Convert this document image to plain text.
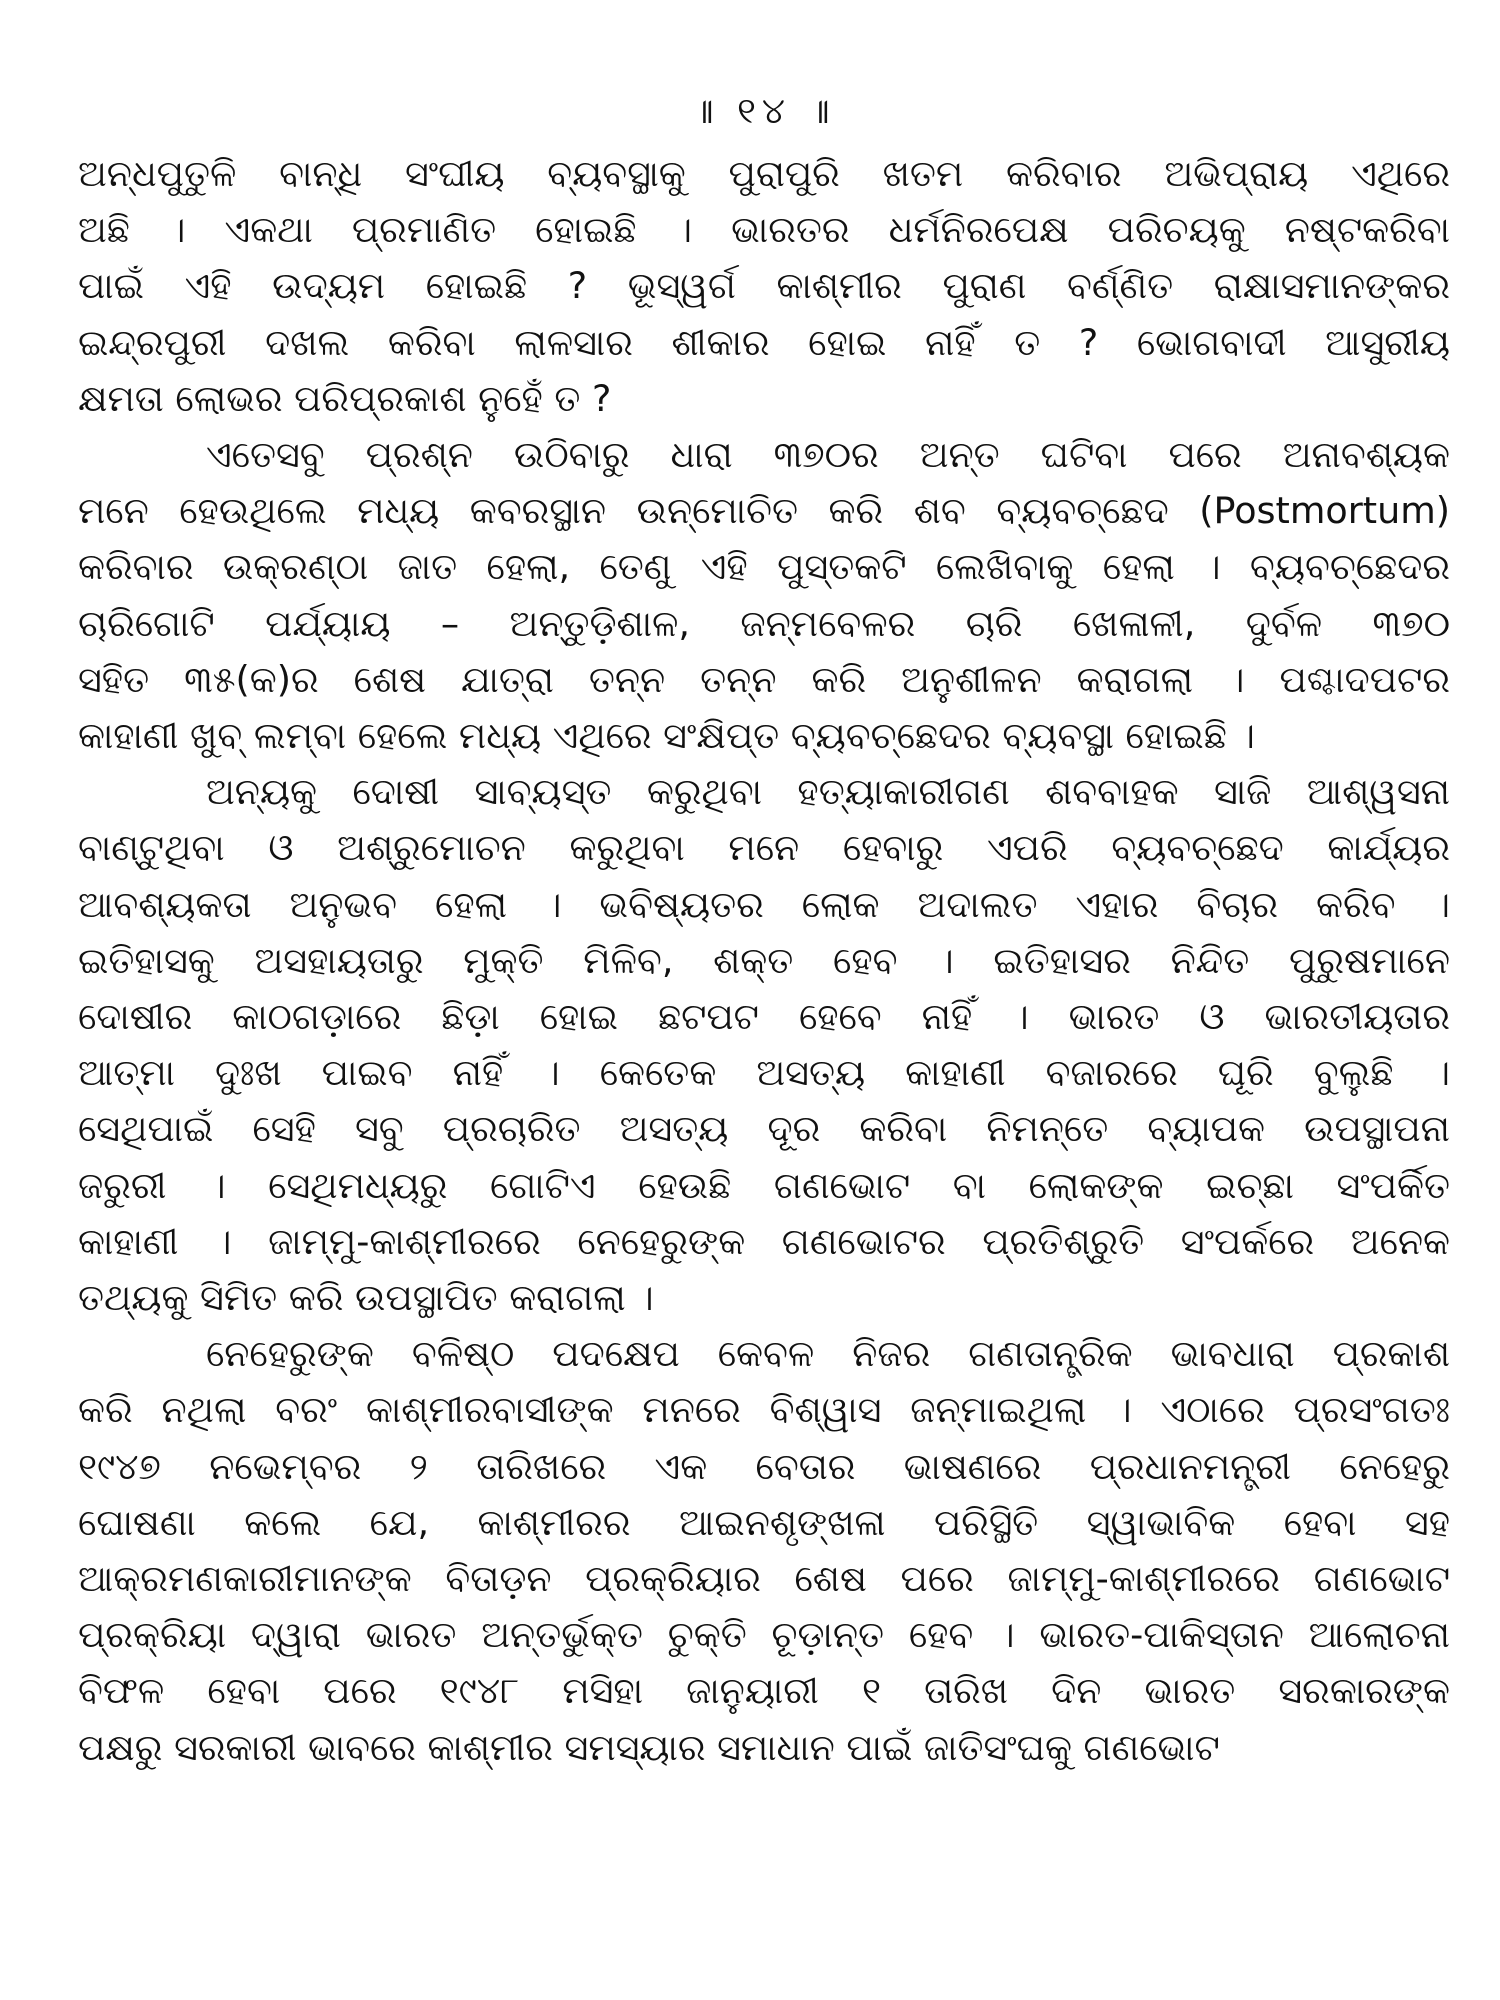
॥ ୧୪ ॥
ଅନ୍ଧପୁତୁଳି ବାନ୍ଧି ସଂଘୀୟ ବ୍ୟବସ୍ଥାକୁ ପୁରାପୁରି ଖତମ କରିବାର ଅଭିପ୍ରାୟ ଏଥିରେ
ଅଛି । ଏକଥା ପ୍ରମାଣିତ ହୋଇଛି । ଭାରତର ଧର୍ମନିରପେକ୍ଷ ପରିଚୟକୁ ନଷ୍ଟକରିବା
ପାଇଁ ଏହି ଉଦ୍ୟମ ହୋଇଛି ? ଭୂସ୍ୱର୍ଗ କାଶ୍ମୀର ପୁରାଣ ବର୍ଣ୍ଣିତ ରାକ୍ଷାସମାନଙ୍କର
ଇନ୍ଦ୍ରପୁରୀ ଦଖଲ କରିବା ଲାଳସାର ଶୀକାର ହୋଇ ନାହିଁ ତ ? ଭୋଗବାଦୀ ଆସୁରୀୟ
କ୍ଷମତା ଲୋଭର ପରିପ୍ରକାଶ ନୁହେଁ ତ ?
ଏତେସବୁ ପ୍ରଶ୍ନ ଉଠିବାରୁ ଧାରା ୩୭୦ର ଅନ୍ତ ଘଟିବା ପରେ ଅନାବଶ୍ୟକ
ମନେ ହେଉଥିଲେ ମଧ୍ୟ କବରସ୍ଥାନ ଉନ୍ମୋଚିତ କରି ଶବ ବ୍ୟବଚ୍ଛେଦ (Postmortum)
କରିବାର ଉକ୍ରଣ୍ଠା ଜାତ ହେଲା, ତେଣୁ ଏହି ପୁସ୍ତକଟି ଲେଖିବାକୁ ହେଲା । ବ୍ୟବଚ୍ଛେଦର
ଚାରିଗୋଟି ପର୍ଯ୍ୟାୟ – ଅନ୍ତୁଡ଼ିଶାଳ, ଜନ୍ମବେଳର ଚାରି ଖେଳାଳୀ, ଦୁର୍ବଳ ୩୭୦
ସହିତ ୩୫(କ)ର ଶେଷ ଯାତ୍ରା ତନ୍ନ ତନ୍ନ କରି ଅନୁଶୀଳନ କରାଗଲା । ପଶ୍ଚାଦପଟର
କାହାଣୀ ଖୁବ୍ ଲମ୍ବା ହେଲେ ମଧ୍ୟ ଏଥିରେ ସଂକ୍ଷିପ୍ତ ବ୍ୟବଚ୍ଛେଦର ବ୍ୟବସ୍ଥା ହୋଇଛି ।
ଅନ୍ୟକୁ ଦୋଷୀ ସାବ୍ୟସ୍ତ କରୁଥିବା ହତ୍ୟାକାରୀଗଣ ଶବବାହକ ସାଜି ଆଶ୍ୱସନା
ବାଣ୍ଟୁଥିବା ଓ ଅଶ୍ରୁମୋଚନ କରୁଥିବା ମନେ ହେବାରୁ ଏପରି ବ୍ୟବଚ୍ଛେଦ କାର୍ଯ୍ୟର
ଆବଶ୍ୟକତା ଅନୁଭବ ହେଲା । ଭବିଷ୍ୟତର ଲୋକ ଅଦାଲତ ଏହାର ବିଚାର କରିବ ।
ଇତିହାସକୁ ଅସହାୟତାରୁ ମୁକ୍ତି ମିଳିବ, ଶକ୍ତ ହେବ । ଇତିହାସର ନିନ୍ଦିତ ପୁରୁଷମାନେ
ଦୋଷୀର କାଠଗଡ଼ାରେ ଛିଡ଼ା ହୋଇ ଛଟପଟ ହେବେ ନାହିଁ । ଭାରତ ଓ ଭାରତୀୟତାର
ଆତ୍ମା ଦୁଃଖ ପାଇବ ନାହିଁ । କେତେକ ଅସତ୍ୟ କାହାଣୀ ବଜାରରେ ଘୂରି ବୁଲୁଛି ।
ସେଥିପାଇଁ ସେହି ସବୁ ପ୍ରଚାରିତ ଅସତ୍ୟ ଦୂର କରିବା ନିମନ୍ତେ ବ୍ୟାପକ ଉପସ୍ଥାପନା
ଜରୁରୀ । ସେଥିମଧ୍ୟରୁ ଗୋଟିଏ ହେଉଛି ଗଣଭୋଟ ବା ଲୋକଙ୍କ ଇଚ୍ଛା ସଂପର୍କିତ
କାହାଣୀ । ଜାମ୍ମୁ-କାଶ୍ମୀରରେ ନେହେରୁଙ୍କ ଗଣଭୋଟର ପ୍ରତିଶ୍ରୁତି ସଂପର୍କରେ ଅନେକ
ତଥ୍ୟକୁ ସିମିତ କରି ଉପସ୍ଥାପିତ କରାଗଲା ।
ନେହେରୁଙ୍କ ବଳିଷ୍ଠ ପଦକ୍ଷେପ କେବଳ ନିଜର ଗଣତାନ୍ତ୍ରିକ ଭାବଧାରା ପ୍ରକାଶ
କରି ନଥିଲା ବରଂ କାଶ୍ମୀରବାସୀଙ୍କ ମନରେ ବିଶ୍ୱାସ ଜନ୍ମାଇଥିଲା । ଏଠାରେ ପ୍ରସଂଗତଃ
୧୯୪୭ ନଭେମ୍ବର ୨ ତାରିଖରେ ଏକ ବେତାର ଭାଷଣରେ ପ୍ରଧାନମନ୍ତ୍ରୀ ନେହେରୁ
ଘୋଷଣା କଲେ ଯେ, କାଶ୍ମୀରର ଆଇନଶୃଙ୍ଖଳା ପରିସ୍ଥିତି ସ୍ୱାଭାବିକ ହେବା ସହ
ଆକ୍ରମଣକାରୀମାନଙ୍କ ବିତାଡ଼ନ ପ୍ରକ୍ରିୟାର ଶେଷ ପରେ ଜାମ୍ମୁ-କାଶ୍ମୀରରେ ଗଣଭୋଟ
ପ୍ରକ୍ରିୟା ଦ୍ୱାରା ଭାରତ ଅନ୍ତର୍ଭୁକ୍ତ ଚୁକ୍ତି ଚୂଡ଼ାନ୍ତ ହେବ । ଭାରତ-ପାକିସ୍ତାନ ଆଲୋଚନା
ବିଫଳ ହେବା ପରେ ୧୯୪୮ ମସିହା ଜାନୁୟାରୀ ୧ ତାରିଖ ଦିନ ଭାରତ ସରକାରଙ୍କ
ପକ୍ଷରୁ ସରକାରୀ ଭାବରେ କାଶ୍ମୀର ସମସ୍ୟାର ସମାଧାନ ପାଇଁ ଜାତିସଂଘକୁ ଗଣଭୋଟ
